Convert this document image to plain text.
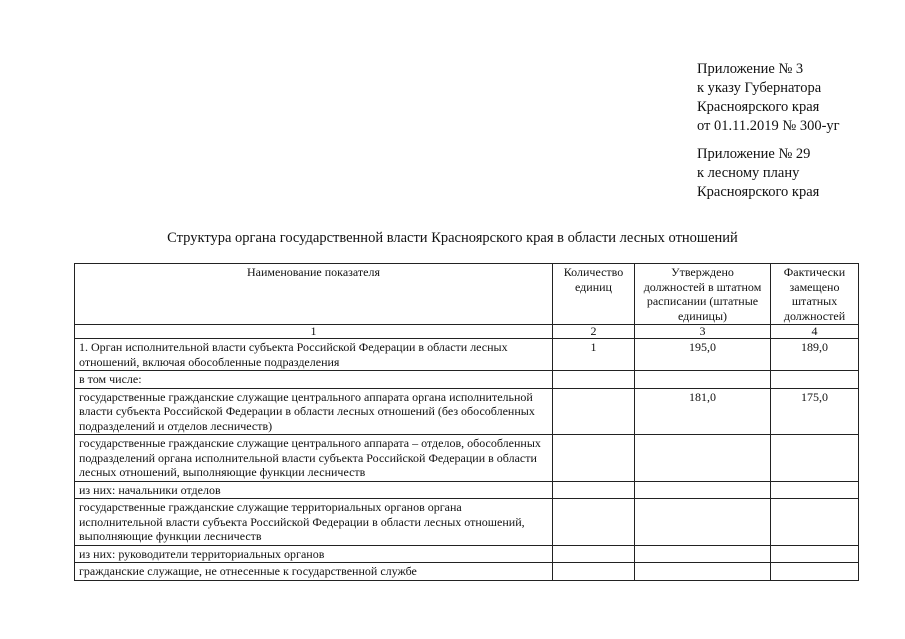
Приложение № 3
к указу Губернатора
Красноярского края
от 01.11.2019 № 300-уг
Приложение № 29
к лесному плану
Красноярского края
Структура органа государственной власти Красноярского края в области лесных отношений
Наименование показателя	Количество единиц	Утверждено должностей в штатном расписании (штатные единицы)	Фактически замещено штатных должностей
1	2	3	4
1. Орган исполнительной власти субъекта Российской Федерации в области лесных отношений, включая обособленные подразделения	1	195,0	189,0
в том числе:			
государственные гражданские служащие центрального аппарата органа исполнительной власти субъекта Российской Федерации в области лесных отношений (без обособленных подразделений и отделов лесничеств)		181,0	175,0
государственные гражданские служащие центрального аппарата – отделов, обособленных подразделений органа исполнительной власти субъекта Российской Федерации в области лесных отношений, выполняющие функции лесничеств			
из них: начальники отделов			
государственные гражданские служащие территориальных органов органа исполнительной власти субъекта Российской Федерации в области лесных отношений, выполняющие функции лесничеств			
из них: руководители территориальных органов			
гражданские служащие, не отнесенные к государственной службе			
